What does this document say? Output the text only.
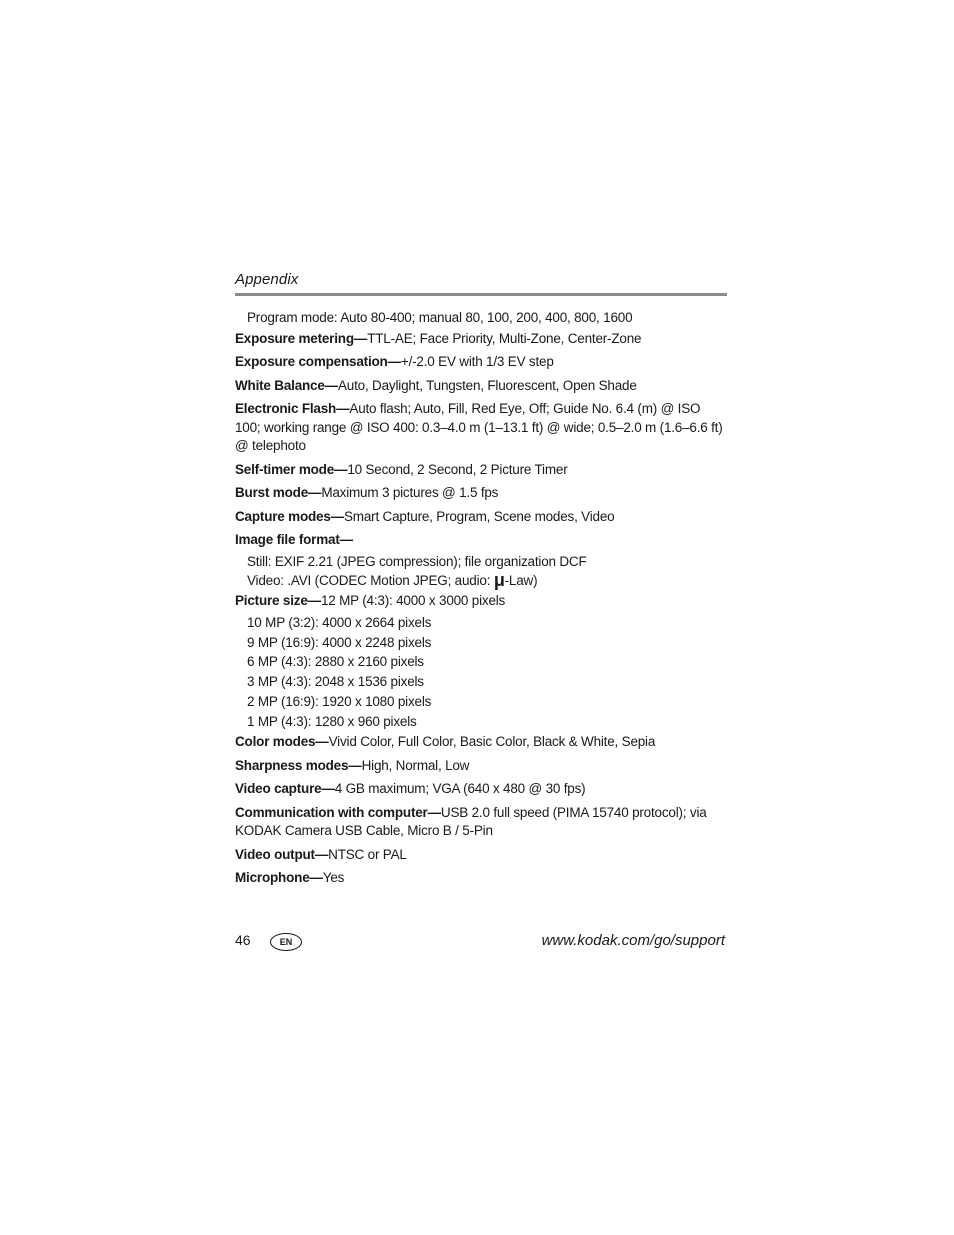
Appendix

Program mode: Auto 80-400; manual 80, 100, 200, 400, 800, 1600
Exposure metering—TTL-AE; Face Priority, Multi-Zone, Center-Zone
Exposure compensation—+/-2.0 EV with 1/3 EV step
White Balance—Auto, Daylight, Tungsten, Fluorescent, Open Shade
Electronic Flash—Auto flash; Auto, Fill, Red Eye, Off; Guide No. 6.4 (m) @ ISO 100; working range @ ISO 400: 0.3–4.0 m (1–13.1 ft) @ wide; 0.5–2.0 m (1.6–6.6 ft) @ telephoto
Self-timer mode—10 Second, 2 Second, 2 Picture Timer
Burst mode—Maximum 3 pictures @ 1.5 fps
Capture modes—Smart Capture, Program, Scene modes, Video
Image file format—
Still: EXIF 2.21 (JPEG compression); file organization DCF
Video: .AVI (CODEC Motion JPEG; audio: μ-Law)
Picture size—12 MP (4:3): 4000 x 3000 pixels
10 MP (3:2): 4000 x 2664 pixels
9 MP (16:9): 4000 x 2248 pixels
6 MP (4:3): 2880 x 2160 pixels
3 MP (4:3): 2048 x 1536 pixels
2 MP (16:9): 1920 x 1080 pixels
1 MP (4:3): 1280 x 960 pixels
Color modes—Vivid Color, Full Color, Basic Color, Black & White, Sepia
Sharpness modes—High, Normal, Low
Video capture—4 GB maximum; VGA (640 x 480 @ 30 fps)
Communication with computer—USB 2.0 full speed (PIMA 15740 protocol); via KODAK Camera USB Cable, Micro B / 5-Pin
Video output—NTSC or PAL
Microphone—Yes
46	EN	www.kodak.com/go/support
